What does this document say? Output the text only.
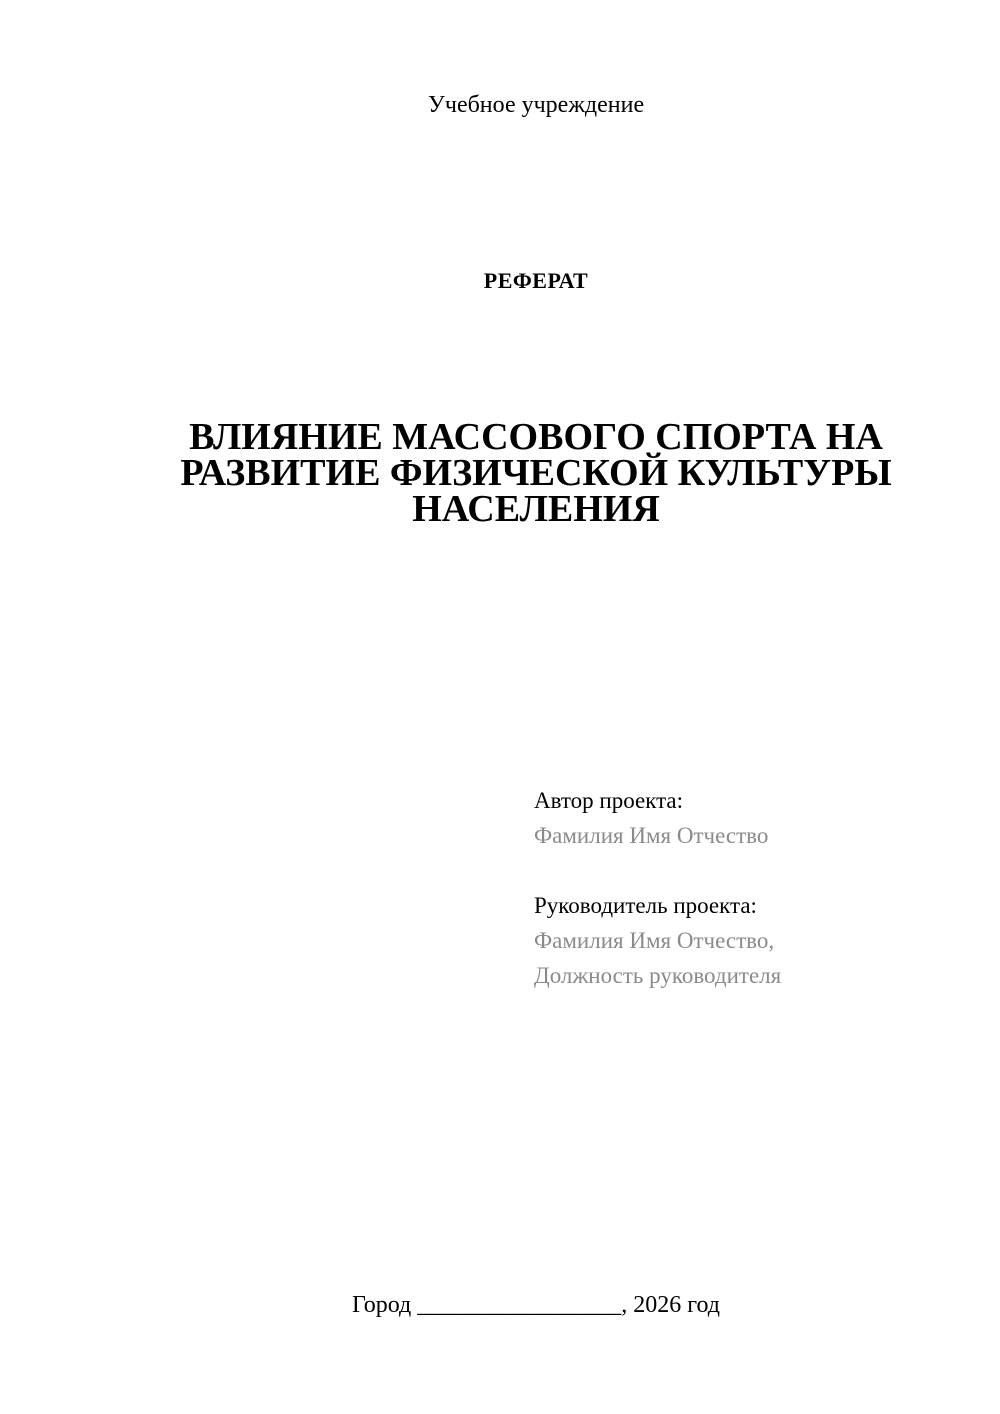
Учебное учреждение
РЕФЕРАТ
ВЛИЯНИЕ МАССОВОГО СПОРТА НА
РАЗВИТИЕ ФИЗИЧЕСКОЙ КУЛЬТУРЫ
НАСЕЛЕНИЯ
Автор проекта:
Фамилия Имя Отчество
Руководитель проекта:
Фамилия Имя Отчество,
Должность руководителя
Город _________________, 2026 год
